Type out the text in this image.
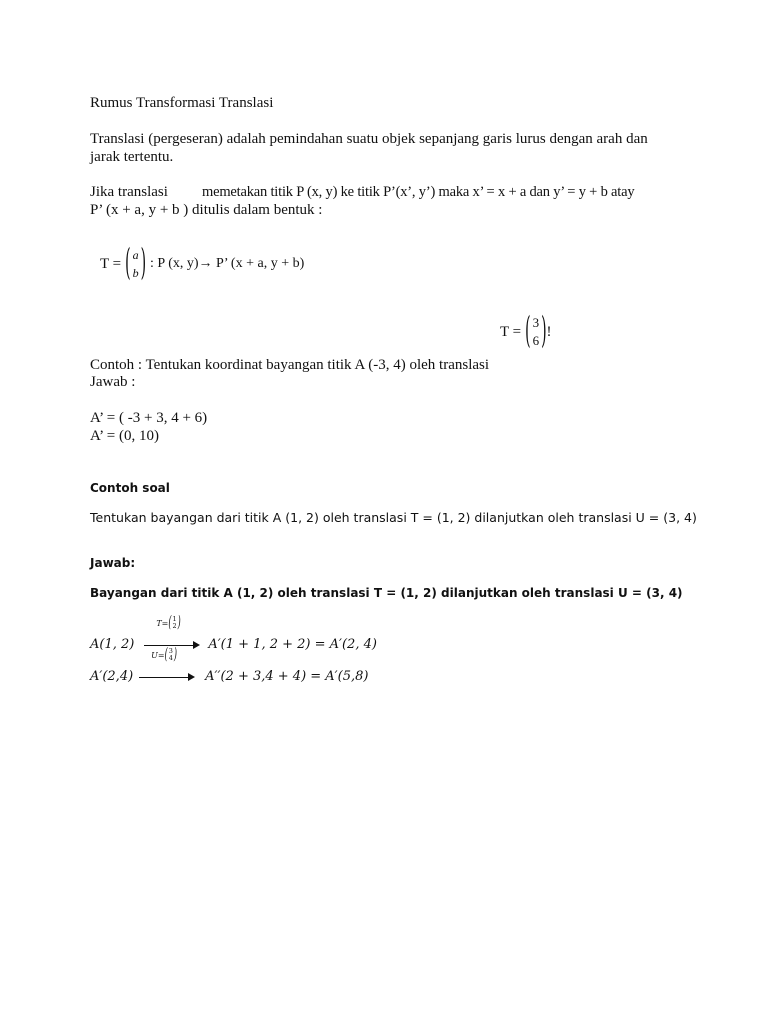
Rumus Transformasi Translasi
Translasi (pergeseran) adalah pemindahan suatu objek sepanjang garis lurus dengan arah dan
jarak tertentu.
Jika translasi memetakan titik P (x, y) ke titik P’(x’, y’) maka x’ = x + a dan y’ = y + b atay
P’ (x + a, y + b ) ditulis dalam bentuk :
T = ( a
b ) : P (x, y)→ P’ (x + a, y + b)
T = ( 3
6 ) !
Contoh : Tentukan koordinat bayangan titik A (-3, 4) oleh translasi
Jawab :
A’ = ( -3 + 3, 4 + 6)
A’ = (0, 10)
Contoh soal
Tentukan bayangan dari titik A (1, 2) oleh translasi T = (1, 2) dilanjutkan oleh translasi U = (3, 4)
Jawab:
Bayangan dari titik A (1, 2) oleh translasi T = (1, 2) dilanjutkan oleh translasi U = (3, 4)
A(1, 2)
T= ( 1
2 )
A′(1 + 1, 2 + 2) = A′(2, 4)
A′(2,4)
U= ( 3
4 )
A′′(2 + 3,4 + 4) = A′(5,8)
